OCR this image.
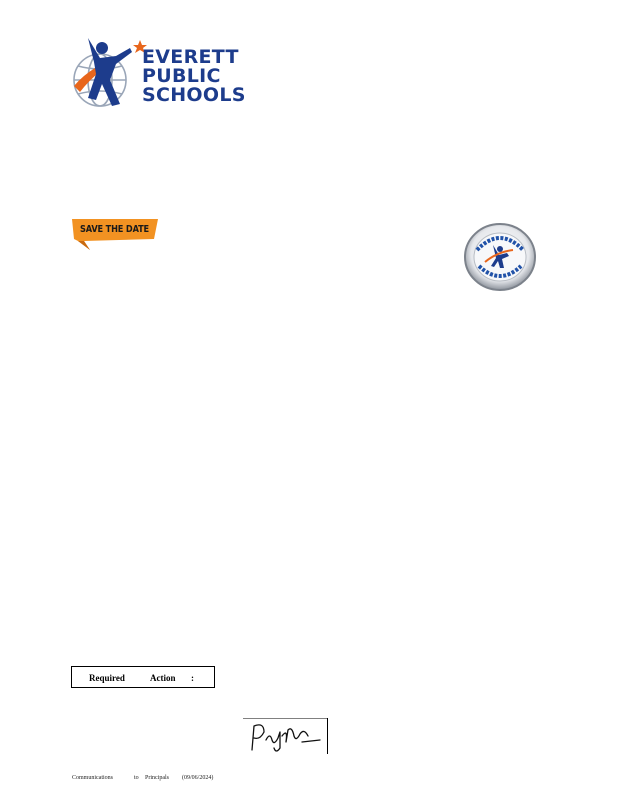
EVERETT
PUBLIC
SCHOOLS
SAVE THE DATE
Required	Action :
Communications	to Principals (09/06/2024)
